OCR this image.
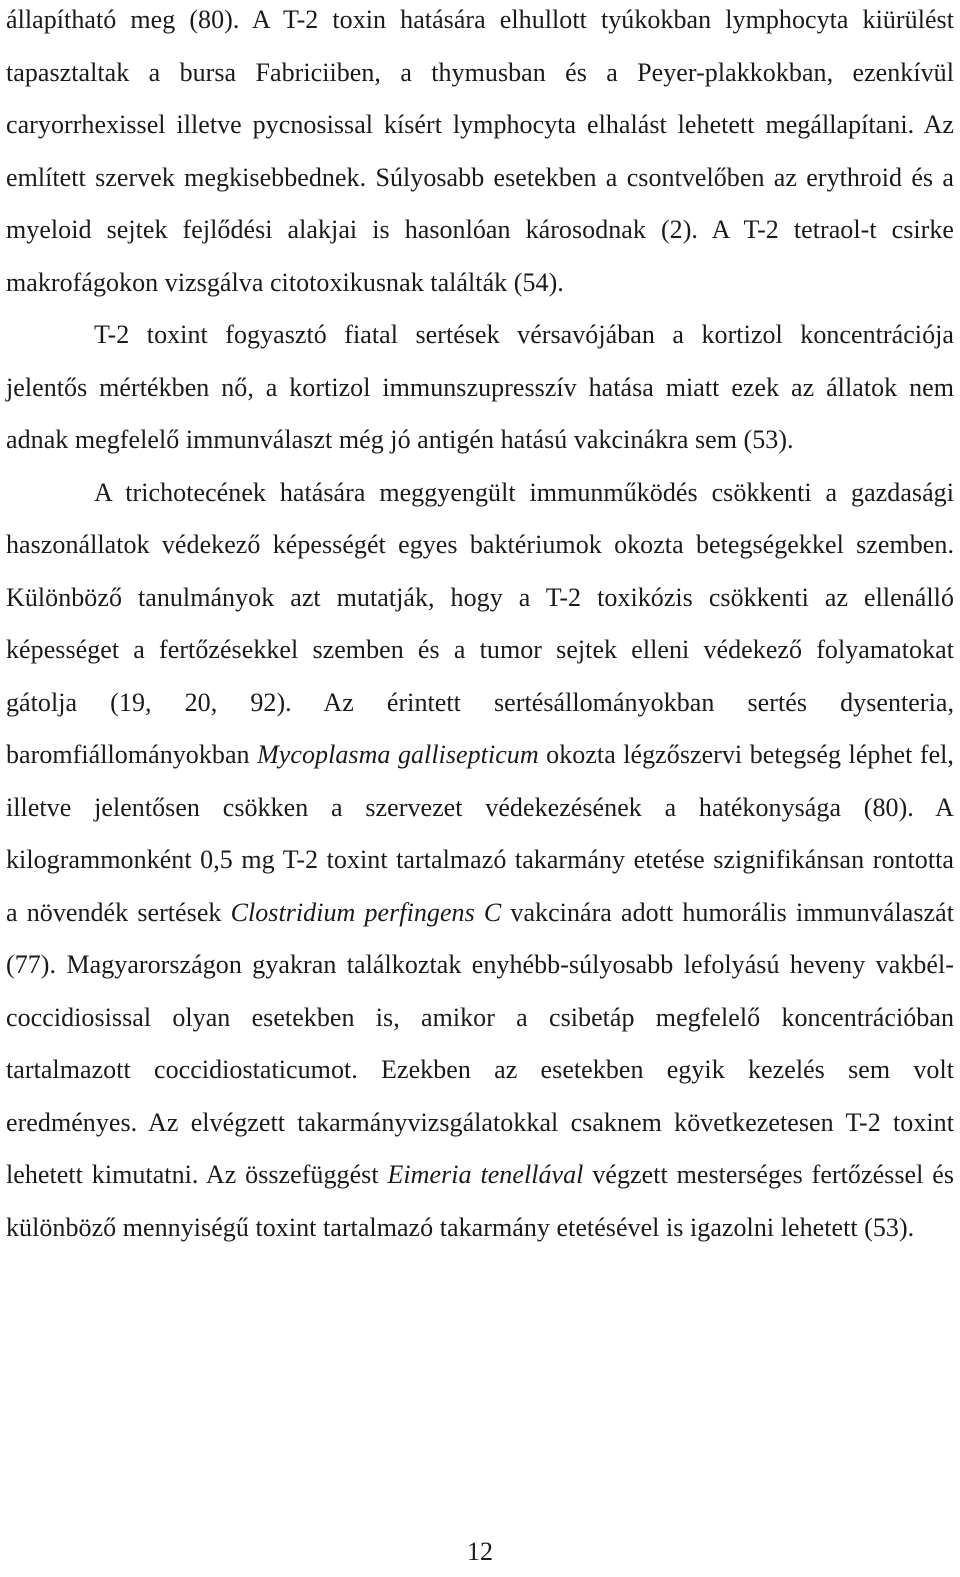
állapítható meg (80). A T-2 toxin hatására elhullott tyúkokban lymphocyta kiürülést tapasztaltak a bursa Fabriciiben, a thymusban és a Peyer-plakkokban, ezenkívül caryorrhexissel illetve pycnosissal kísért lymphocyta elhalást lehetett megállapítani. Az említett szervek megkisebbednek. Súlyosabb esetekben a csontvelőben az erythroid és a myeloid sejtek fejlődési alakjai is hasonlóan károsodnak (2). A T-2 tetraol-t csirke makrofágokon vizsgálva citotoxikusnak találták (54).

T-2 toxint fogyasztó fiatal sertések vérsavójában a kortizol koncentrációja jelentős mértékben nő, a kortizol immunszupresszív hatása miatt ezek az állatok nem adnak megfelelő immunválaszt még jó antigén hatású vakcinákra sem (53).

A trichotecének hatására meggyengült immunműködés csökkenti a gazdasági haszonállatok védekező képességét egyes baktériumok okozta betegségekkel szemben. Különböző tanulmányok azt mutatják, hogy a T-2 toxikózis csökkenti az ellenálló képességet a fertőzésekkel szemben és a tumor sejtek elleni védekező folyamatokat gátolja (19, 20, 92). Az érintett sertésállományokban sertés dysenteria, baromfiállományokban Mycoplasma gallisepticum okozta légzőszervi betegség léphet fel, illetve jelentősen csökken a szervezet védekezésének a hatékonysága (80). A kilogrammonként 0,5 mg T-2 toxint tartalmazó takarmány etetése szignifikánsan rontotta a növendék sertések Clostridium perfingens C vakcinára adott humorális immunválaszát (77). Magyarországon gyakran találkoztak enyhébb-súlyosabb lefolyású heveny vakbél-coccidiosissal olyan esetekben is, amikor a csibetáp megfelelő koncentrációban tartalmazott coccidiostaticumot. Ezekben az esetekben egyik kezelés sem volt eredményes. Az elvégzett takarmányvizsgálatokkal csaknem következetesen T-2 toxint lehetett kimutatni. Az összefüggést Eimeria tenellával végzett mesterséges fertőzéssel és különböző mennyiségű toxint tartalmazó takarmány etetésével is igazolni lehetett (53).

12
